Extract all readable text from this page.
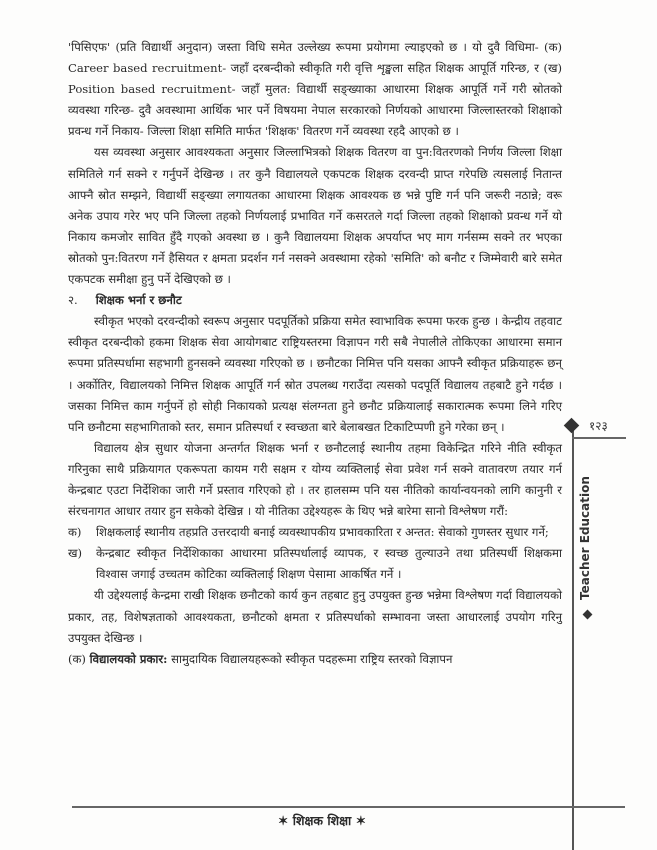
'पिसिएफ' (प्रति विद्यार्थी अनुदान) जस्ता विधि समेत उल्लेख्य रूपमा प्रयोगमा ल्याइएको छ । यो दुवै विधिमा- (क) Career based recruitment- जहाँ दरबन्दीको स्वीकृति गरी वृत्ति शृङ्खला सहित शिक्षक आपूर्ति गरिन्छ, र (ख) Position based recruitment- जहाँ मुलत: विद्यार्थी सङ्ख्याका आधारमा शिक्षक आपूर्ति गर्ने गरी स्रोतको व्यवस्था गरिन्छ- दुवै अवस्थामा आर्थिक भार पर्ने विषयमा नेपाल सरकारको निर्णयको आधारमा जिल्लास्तरको शिक्षाको प्रवन्ध गर्ने निकाय- जिल्ला शिक्षा समिति मार्फत 'शिक्षक' वितरण गर्ने व्यवस्था रहदै आएको छ ।

यस व्यवस्था अनुसार आवश्यकता अनुसार जिल्लाभित्रको शिक्षक वितरण वा पुन:वितरणको निर्णय जिल्ला शिक्षा समितिले गर्न सक्ने र गर्नुपर्ने देखिन्छ । तर कुनै विद्यालयले एकपटक शिक्षक दरवन्दी प्राप्त गरेपछि त्यसलाई नितान्त आफ्नै स्रोत सम्झने, विद्यार्थी सङ्ख्या लगायतका आधारमा शिक्षक आवश्यक छ भन्ने पुष्टि गर्न पनि जरूरी नठान्ने; वरू अनेक उपाय गरेर भए पनि जिल्ला तहको निर्णयलाई प्रभावित गर्ने कसरतले गर्दा जिल्ला तहको शिक्षाको प्रवन्ध गर्ने यो निकाय कमजोर सावित हुँदै गएको अवस्था छ । कुनै विद्यालयमा शिक्षक अपर्याप्त भए माग गर्नसम्म सक्ने तर भएका स्रोतको पुन:वितरण गर्ने हैसियत र क्षमता प्रदर्शन गर्न नसक्ने अवस्थामा रहेको 'समिति' को बनौट र जिम्मेवारी बारे समेत एकपटक समीक्षा हुनु पर्ने देखिएको छ ।

२. शिक्षक भर्ना र छनौट

स्वीकृत भएको दरवन्दीको स्वरूप अनुसार पदपूर्तिको प्रक्रिया समेत स्वाभाविक रूपमा फरक हुन्छ । केन्द्रीय तहवाट स्वीकृत दरबन्दीको हकमा शिक्षक सेवा आयोगबाट राष्ट्रियस्तरमा विज्ञापन गरी सबै नेपालीले तोकिएका आधारमा समान रूपमा प्रतिस्पर्धामा सहभागी हुनसक्ने व्यवस्था गरिएको छ । छनौटका निमित्त पनि यसका आफ्नै स्वीकृत प्रक्रियाहरू छन् । अर्कोतिर, विद्यालयको निमित्त शिक्षक आपूर्ति गर्न स्रोत उपलब्ध गराउँदा त्यसको पदपूर्ति विद्यालय तहबाटै हुने गर्दछ । जसका निमित्त काम गर्नुपर्ने हो सोही निकायको प्रत्यक्ष संलग्नता हुने छनौट प्रक्रियालाई सकारात्मक रूपमा लिने गरिए पनि छनौटमा सहभागिताको स्तर, समान प्रतिस्पर्धा र स्वच्छता बारे बेलाबखत टिकाटिप्पणी हुने गरेका छन् ।

विद्यालय क्षेत्र सुधार योजना अन्तर्गत शिक्षक भर्ना र छनौटलाई स्थानीय तहमा विकेन्द्रित गरिने नीति स्वीकृत गरिनुका साथै प्रक्रियागत एकरूपता कायम गरी सक्षम र योग्य व्यक्तिलाई सेवा प्रवेश गर्न सक्ने वातावरण तयार गर्न केन्द्रबाट एउटा निर्देशिका जारी गर्ने प्रस्ताव गरिएको हो । तर हालसम्म पनि यस नीतिको कार्यान्वयनको लागि कानुनी र संरचनागत आधार तयार हुन सकेको देखिन्न । यो नीतिका उद्देश्यहरू के थिए भन्ने बारेमा सानो विश्लेषण गरौं:

क)	शिक्षकलाई स्थानीय तहप्रति उत्तरदायी बनाई व्यवस्थापकीय प्रभावकारिता र अन्तत: सेवाको गुणस्तर सुधार गर्ने;
ख)	केन्द्रबाट स्वीकृत निर्देशिकाका आधारमा प्रतिस्पर्धालाई व्यापक, र स्वच्छ तुल्याउने तथा प्रतिस्पर्धी शिक्षकमा विश्वास जगाई उच्चतम कोटिका व्यक्तिलाई शिक्षण पेसामा आकर्षित गर्ने ।

यी उद्देश्यलाई केन्द्रमा राखी शिक्षक छनौटको कार्य कुन तहबाट हुनु उपयुक्त हुन्छ भन्नेमा विश्लेषण गर्दा विद्यालयको प्रकार, तह, विशेषज्ञताको आवश्यकता, छनौटको क्षमता र प्रतिस्पर्धाको सम्भावना जस्ता आधारलाई उपयोग गरिनु उपयुक्त देखिन्छ ।

(क) विद्यालयको प्रकार: सामुदायिक विद्यालयहरूको स्वीकृत पदहरूमा राष्ट्रिय स्तरको विज्ञापन

१२३
Teacher Education
✶ शिक्षक शिक्षा ✶
